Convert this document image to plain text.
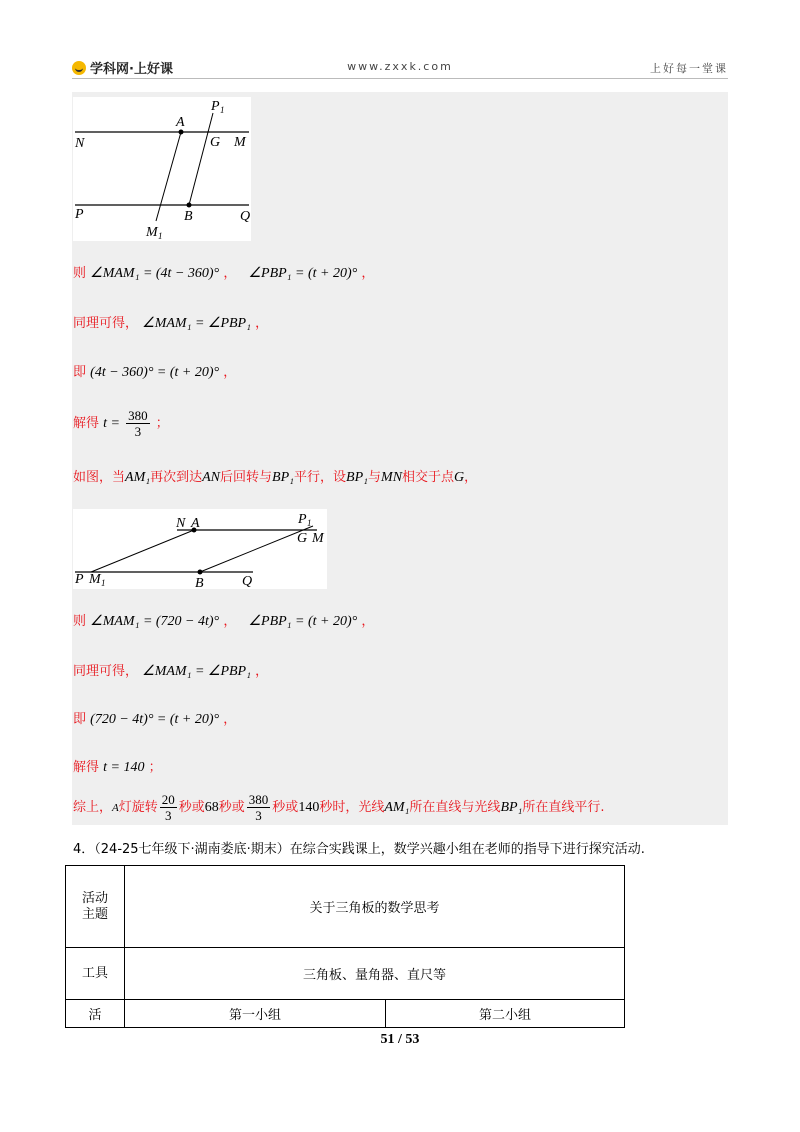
学科网·上好课	www.zxxk.com	上好每一堂课
P 1
A
N	G M
P	B	Q
M 1
则 ∠MAM₁ = (4t − 360)° ， ∠PBP₁ = (t + 20)° ，
同理可得， ∠MAM₁ = ∠PBP₁ ，
即 (4t − 360)° = (t + 20)° ，
解得 $t = \frac{380}{3}$ ；
如图，当AM₁再次到达AN后回转与BP₁平行，设BP₁与MN相交于点G，
N A	P 1
G M
P M 1	B	Q
则 ∠MAM₁ = (720 − 4t)° ， ∠PBP₁ = (t + 20)° ，
同理可得， ∠MAM₁ = ∠PBP₁ ，
即 (720 − 4t)° = (t + 20)° ，
解得 t = 140 ；
综上，A灯旋转 $\frac{20}{3}$ 秒或68秒或 $\frac{380}{3}$ 秒或140秒时，光线AM₁所在直线与光线BP₁所在直线平行.
4．（24-25七年级下·湖南娄底·期末）在综合实践课上，数学兴趣小组在老师的指导下进行探究活动.
活动主题	关于三角板的数学思考	
工具	三角板、量角器、直尺等	
活	第一小组	第二小组
51 / 53
